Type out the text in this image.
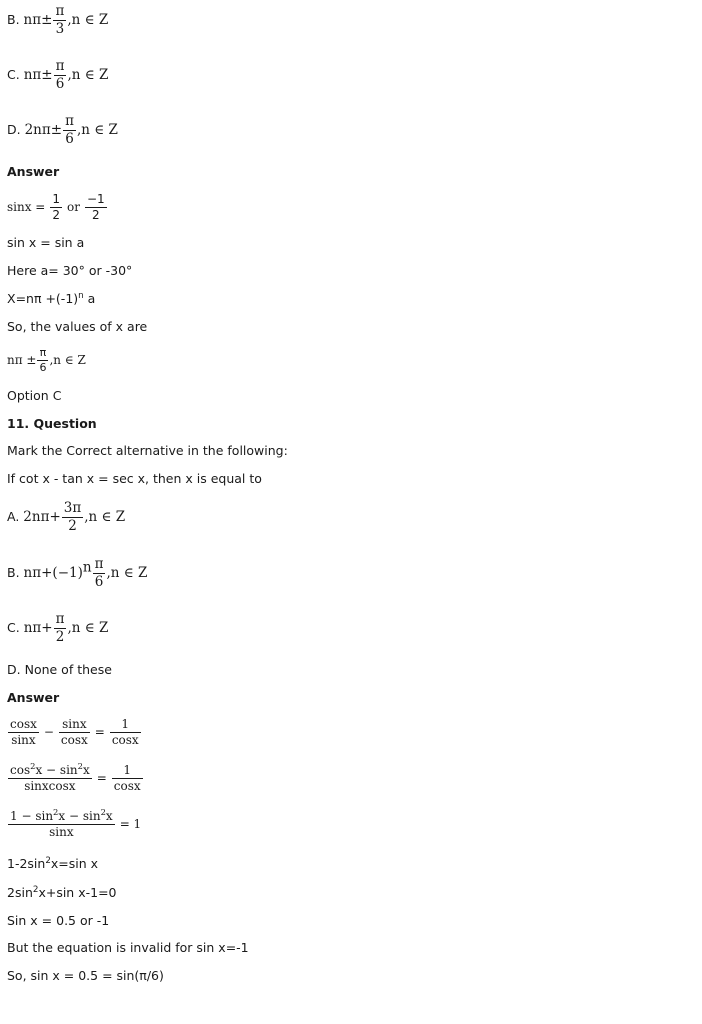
B. $n\pi\pm \frac{\pi}{3} ,n$ ∈ Z
C. $n\pi\pm \frac{\pi}{6} ,n$ ∈ Z
D. $2n\pi\pm \frac{\pi}{6} ,n$ ∈ Z
Answer
$\sin x = \frac{1}{2}$ or $\frac{-1}{2}$
sin x = sin a
Here a= 30° or -30°
$X=n\pi +(-1)^n$ a
So, the values of x are
$n\pi \pm \frac{\pi}{6} ,n$ ∈ Z
Option C
11. Question
Mark the Correct alternative in the following:
If cot x - tan x = sec x, then x is equal to
A. $2n\pi+ \frac{3\pi}{2} ,n$ ∈ Z
B. $n\pi+(-1)^n \frac{\pi}{6} ,n$ ∈ Z
C. $n\pi+ \frac{\pi}{2} ,n$ ∈ Z
D. None of these
Answer
$\frac{\cos x}{\sin x} - \frac{\sin x}{\cos x} = \frac{1}{\cos x}$
$\frac{\cos^2x - \sin^2x}{\text{sinxcosx}} = \frac{1}{\cos x}$
$\frac{1 - \sin^2x - \sin^2x}{\sin x} = 1$
$1-2\sin^2x=\sin$ x
$2\sin^2x+\sin$ x-1=0
Sin x = 0.5 or -1
But the equation is invalid for sin x=-1
So, sin x = 0.5 = sin(π/6)
